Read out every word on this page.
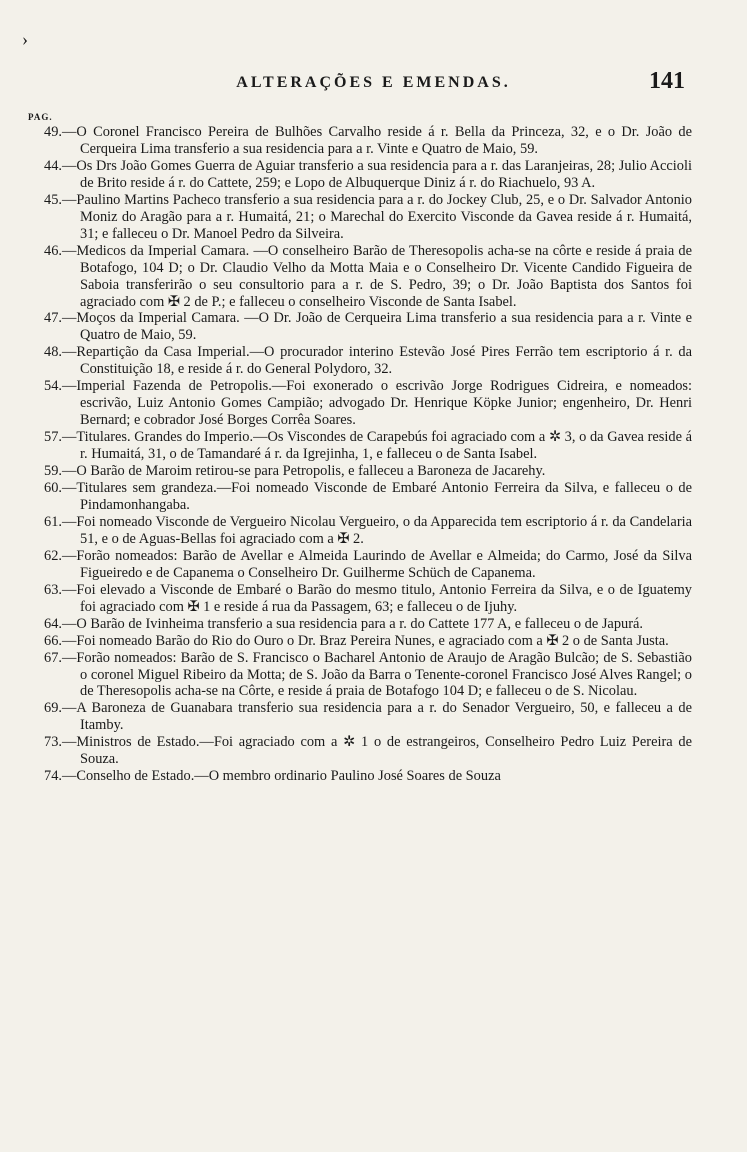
›
ALTERAÇÕES E EMENDAS.	141
PAG.
49.—O Coronel Francisco Pereira de Bulhões Carvalho reside á r. Bella da Princeza, 32, e o Dr. João de Cerqueira Lima transferio a sua residencia para a r. Vinte e Quatro de Maio, 59.
44.—Os Drs João Gomes Guerra de Aguiar transferio a sua residencia para a r. das Laranjeiras, 28; Julio Accioli de Brito reside á r. do Cattete, 259; e Lopo de Albuquerque Diniz á r. do Riachuelo, 93 A.
45.—Paulino Martins Pacheco transferio a sua residencia para a r. do Jockey Club, 25, e o Dr. Salvador Antonio Moniz do Aragão para a r. Humaitá, 21; o Marechal do Exercito Visconde da Gavea reside á r. Humaitá, 31; e falleceu o Dr. Manoel Pedro da Silveira.
46.—Medicos da Imperial Camara. —O conselheiro Barão de Theresopolis acha-se na côrte e reside á praia de Botafogo, 104 D; o Dr. Claudio Velho da Motta Maia e o Conselheiro Dr. Vicente Candido Figueira de Saboia transferirão o seu consultorio para a r. de S. Pedro, 39; o Dr. João Baptista dos Santos foi agraciado com ✠ 2 de P.; e falleceu o conselheiro Visconde de Santa Isabel.
47.—Moços da Imperial Camara. —O Dr. João de Cerqueira Lima transferio a sua residencia para a r. Vinte e Quatro de Maio, 59.
48.—Repartição da Casa Imperial.—O procurador interino Estevão José Pires Ferrão tem escriptorio á r. da Constituição 18, e reside á r. do General Polydoro, 32.
54.—Imperial Fazenda de Petropolis.—Foi exonerado o escrivão Jorge Rodrigues Cidreira, e nomeados: escrivão, Luiz Antonio Gomes Campião; advogado Dr. Henrique Köpke Junior; engenheiro, Dr. Henri Bernard; e cobrador José Borges Corrêa Soares.
57.—Titulares. Grandes do Imperio.—Os Viscondes de Carapebús foi agraciado com a ✲ 3, o da Gavea reside á r. Humaitá, 31, o de Tamandaré á r. da Igrejinha, 1, e falleceu o de Santa Isabel.
59.—O Barão de Maroim retirou-se para Petropolis, e falleceu a Baroneza de Jacarehy.
60.—Titulares sem grandeza.—Foi nomeado Visconde de Embaré Antonio Ferreira da Silva, e falleceu o de Pindamonhangaba.
61.—Foi nomeado Visconde de Vergueiro Nicolau Vergueiro, o da Apparecida tem escriptorio á r. da Candelaria 51, e o de Aguas-Bellas foi agraciado com a ✠ 2.
62.—Forão nomeados: Barão de Avellar e Almeida Laurindo de Avellar e Almeida; do Carmo, José da Silva Figueiredo e de Capanema o Conselheiro Dr. Guilherme Schüch de Capanema.
63.—Foi elevado a Visconde de Embaré o Barão do mesmo titulo, Antonio Ferreira da Silva, e o de Iguatemy foi agraciado com ✠ 1 e reside á rua da Passagem, 63; e falleceu o de Ijuhy.
64.—O Barão de Ivinheima transferio a sua residencia para a r. do Cattete 177 A, e falleceu o de Japurá.
66.—Foi nomeado Barão do Rio do Ouro o Dr. Braz Pereira Nunes, e agraciado com a ✠ 2 o de Santa Justa.
67.—Forão nomeados: Barão de S. Francisco o Bacharel Antonio de Araujo de Aragão Bulcão; de S. Sebastião o coronel Miguel Ribeiro da Motta; de S. João da Barra o Tenente-coronel Francisco José Alves Rangel; o de Theresopolis acha-se na Côrte, e reside á praia de Botafogo 104 D; e falleceu o de S. Nicolau.
69.—A Baroneza de Guanabara transferio sua residencia para a r. do Senador Vergueiro, 50, e falleceu a de Itamby.
73.—Ministros de Estado.—Foi agraciado com a ✲ 1 o de estrangeiros, Conselheiro Pedro Luiz Pereira de Souza.
74.—Conselho de Estado.—O membro ordinario Paulino José Soares de Souza
